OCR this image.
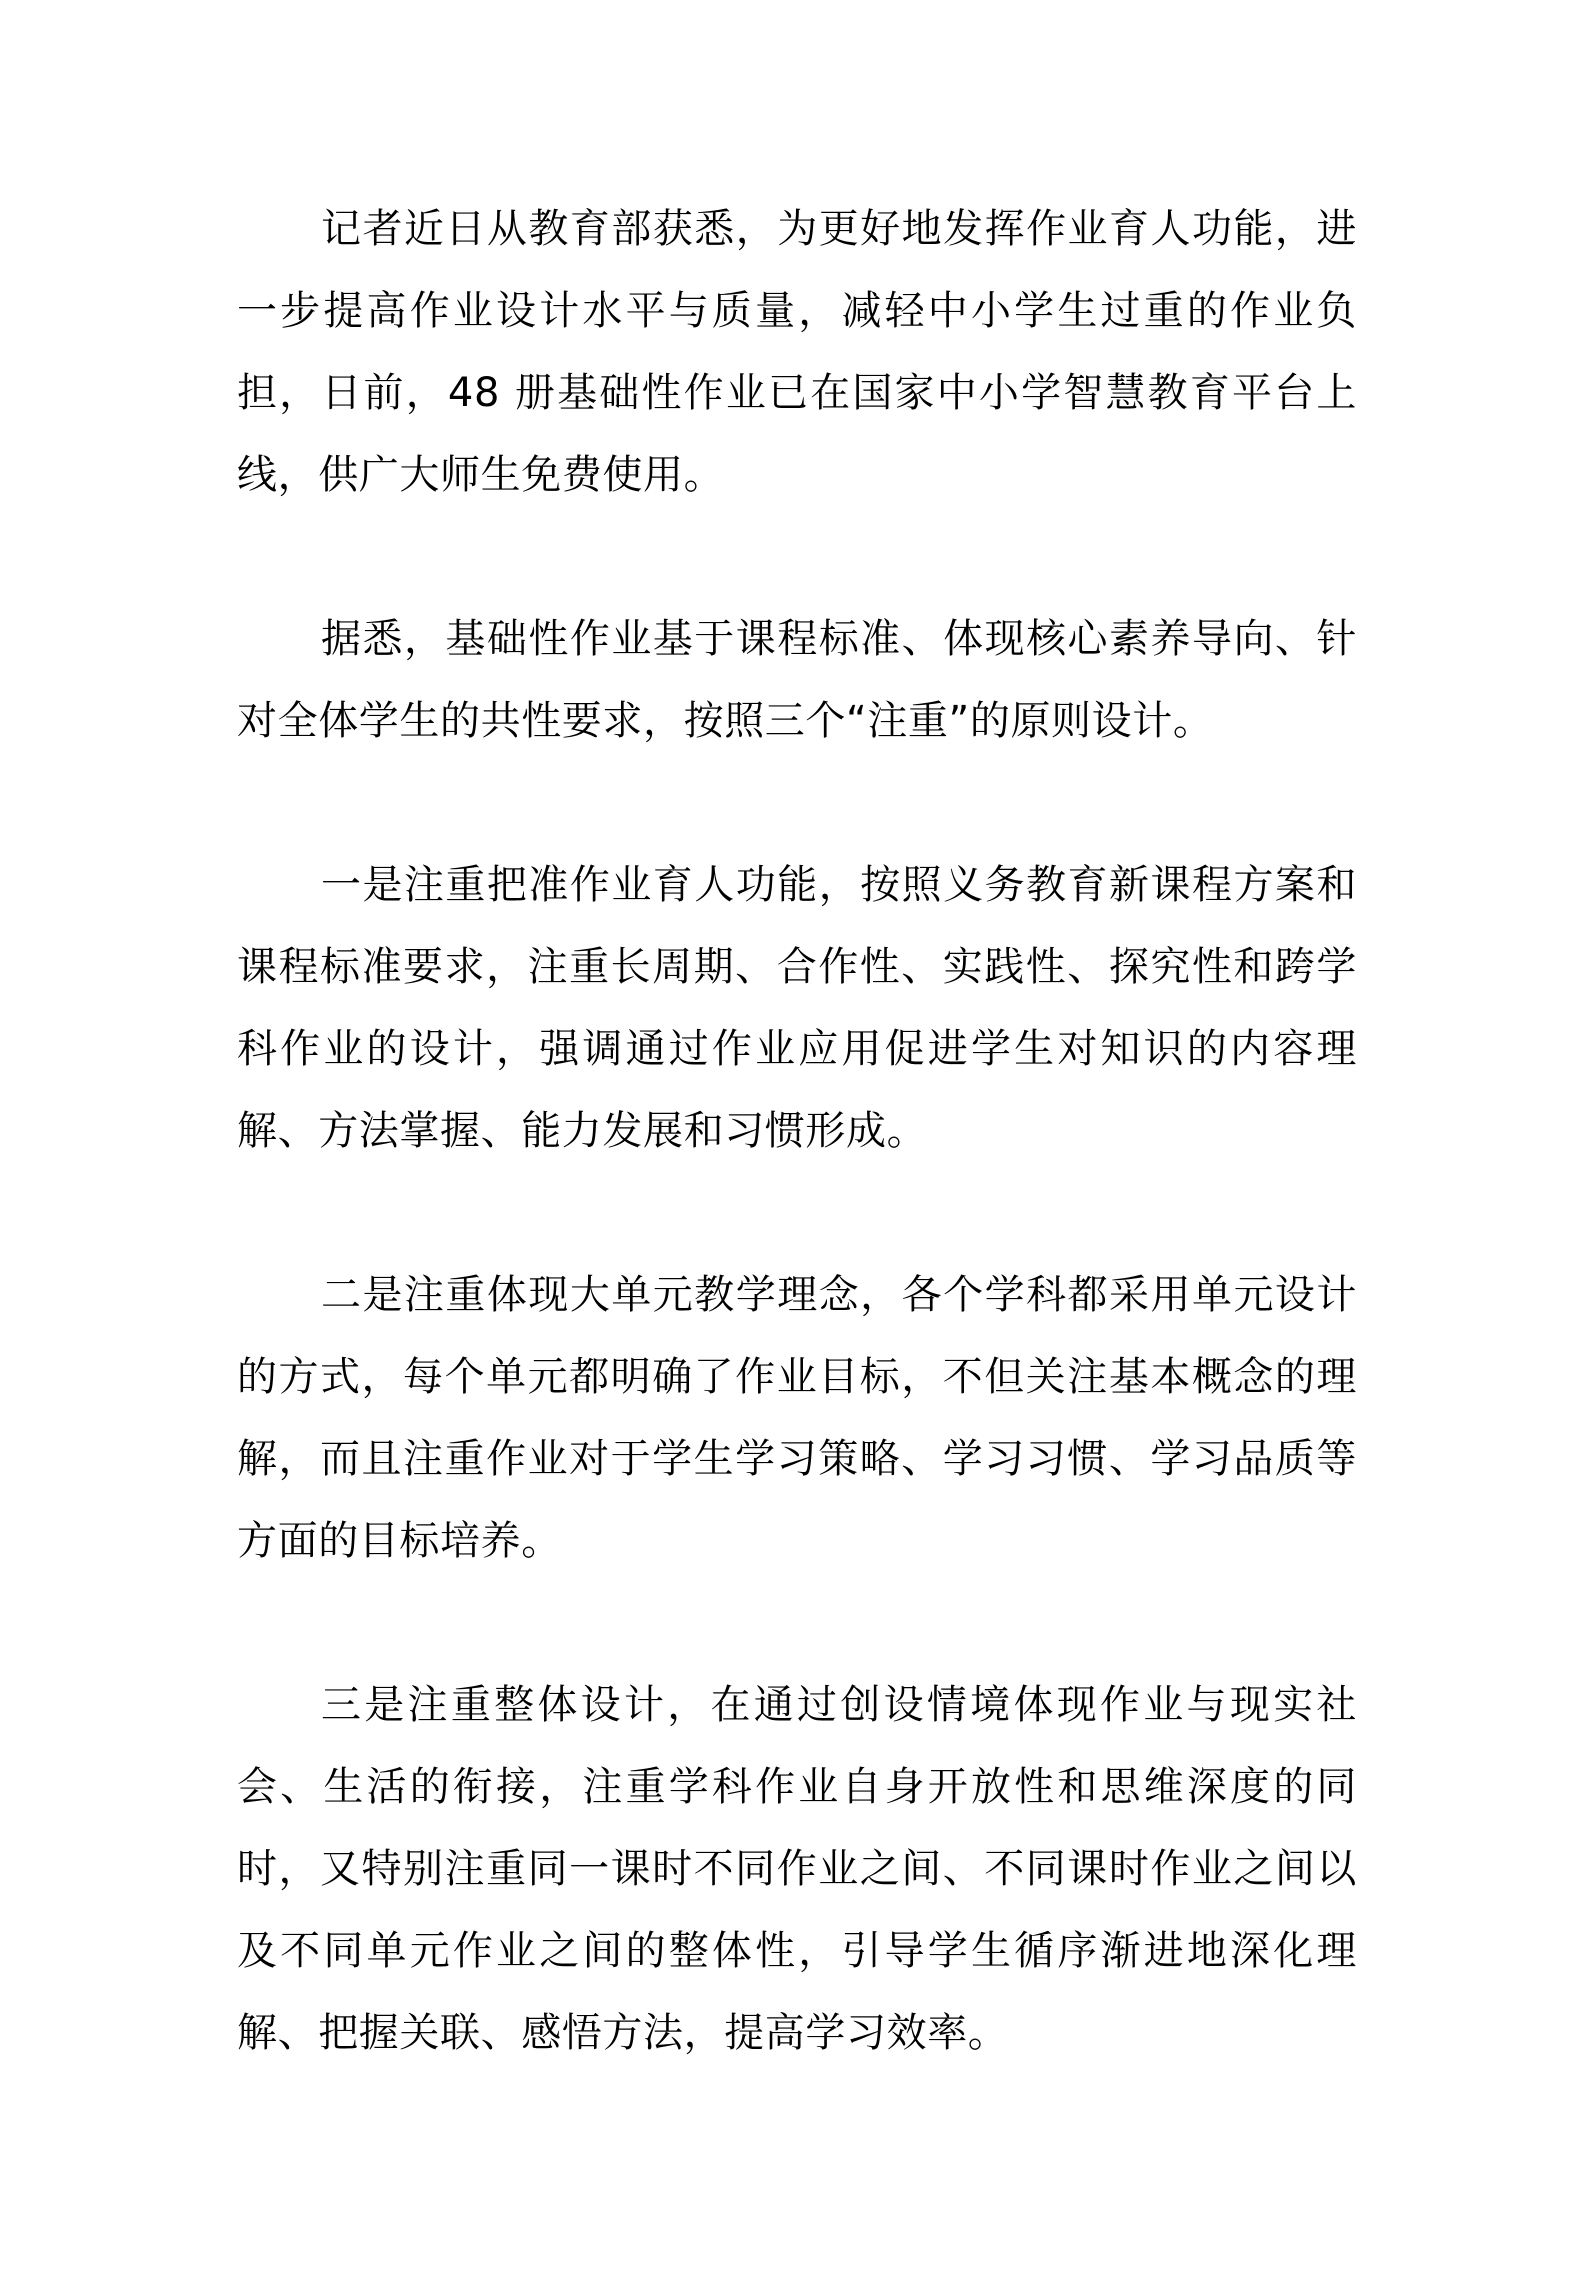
记者近日从教育部获悉，为更好地发挥作业育人功能，进一步提高作业设计水平与质量，减轻中小学生过重的作业负担，日前，48 册基础性作业已在国家中小学智慧教育平台上线，供广大师生免费使用。

据悉，基础性作业基于课程标准、体现核心素养导向、针对全体学生的共性要求，按照三个“注重”的原则设计。

一是注重把准作业育人功能，按照义务教育新课程方案和课程标准要求，注重长周期、合作性、实践性、探究性和跨学科作业的设计，强调通过作业应用促进学生对知识的内容理解、方法掌握、能力发展和习惯形成。

二是注重体现大单元教学理念，各个学科都采用单元设计的方式，每个单元都明确了作业目标，不但关注基本概念的理解，而且注重作业对于学生学习策略、学习习惯、学习品质等方面的目标培养。

三是注重整体设计，在通过创设情境体现作业与现实社会、生活的衔接，注重学科作业自身开放性和思维深度的同时，又特别注重同一课时不同作业之间、不同课时作业之间以及不同单元作业之间的整体性，引导学生循序渐进地深化理解、把握关联、感悟方法，提高学习效率。
